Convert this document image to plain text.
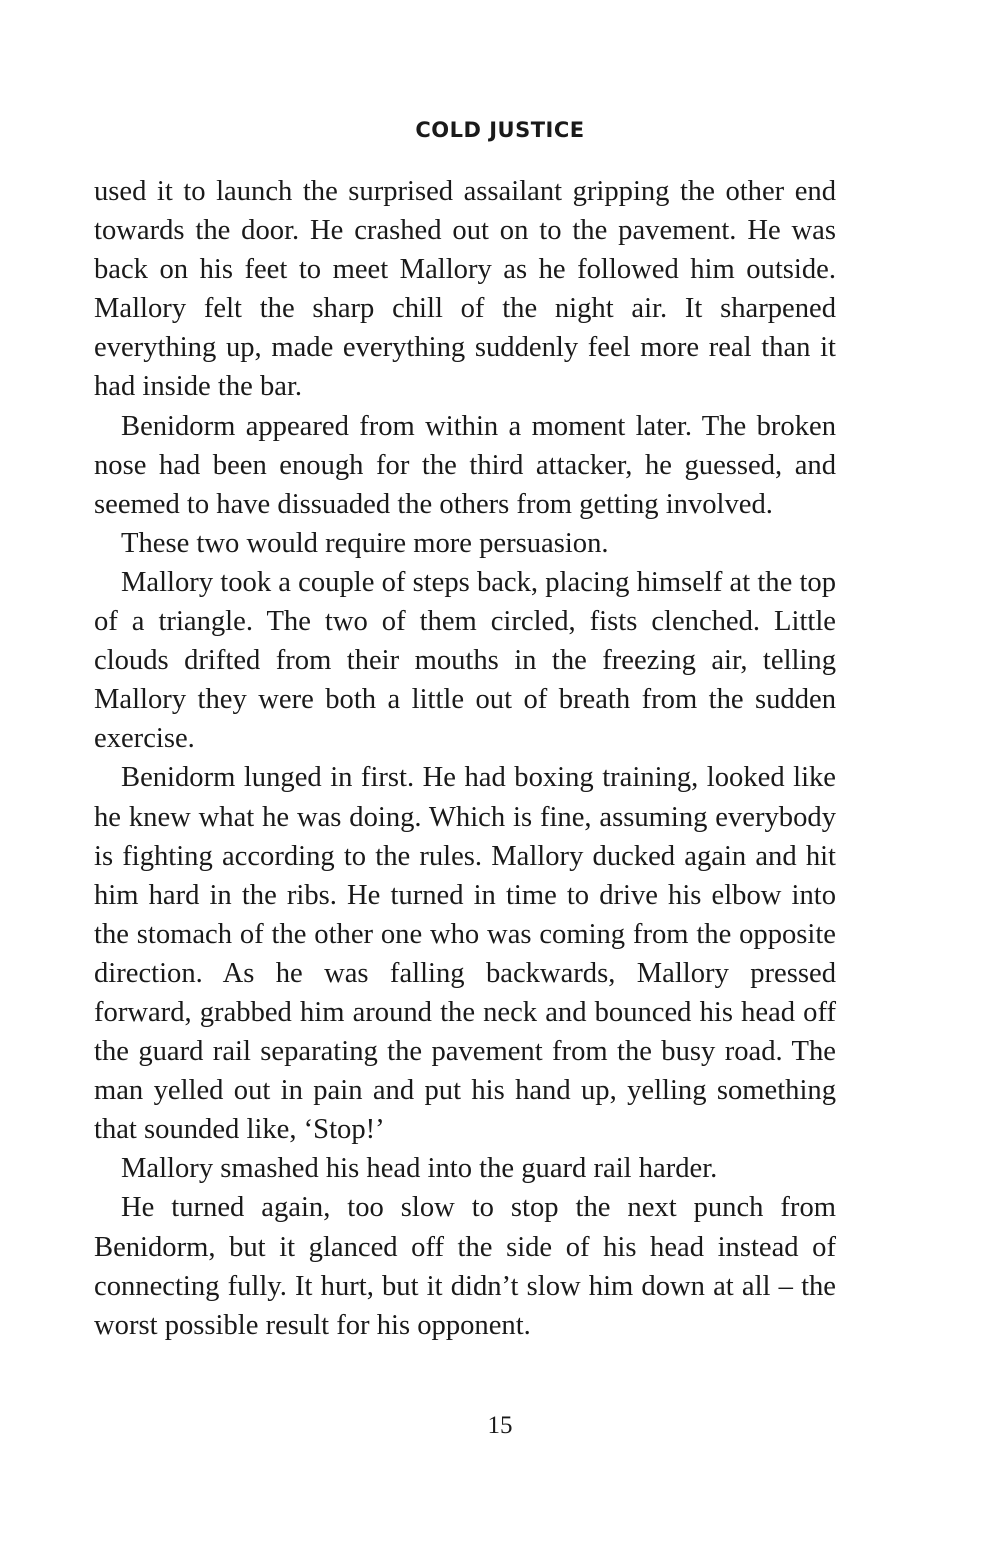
COLD JUSTICE

used it to launch the surprised assailant gripping the other end towards the door. He crashed out on to the pavement. He was back on his feet to meet Mallory as he followed him outside. Mallory felt the sharp chill of the night air. It sharpened everything up, made everything suddenly feel more real than it had inside the bar.

Benidorm appeared from within a moment later. The broken nose had been enough for the third attacker, he guessed, and seemed to have dissuaded the others from getting involved.

These two would require more persuasion.

Mallory took a couple of steps back, placing himself at the top of a triangle. The two of them circled, fists clenched. Little clouds drifted from their mouths in the freezing air, telling Mallory they were both a little out of breath from the sudden exercise.

Benidorm lunged in first. He had boxing training, looked like he knew what he was doing. Which is fine, assuming everybody is fighting according to the rules. Mallory ducked again and hit him hard in the ribs. He turned in time to drive his elbow into the stomach of the other one who was coming from the opposite direction. As he was falling backwards, Mallory pressed forward, grabbed him around the neck and bounced his head off the guard rail separating the pavement from the busy road. The man yelled out in pain and put his hand up, yelling something that sounded like, ‘Stop!’

Mallory smashed his head into the guard rail harder.

He turned again, too slow to stop the next punch from Benidorm, but it glanced off the side of his head instead of connecting fully. It hurt, but it didn’t slow him down at all – the worst possible result for his opponent.

15
